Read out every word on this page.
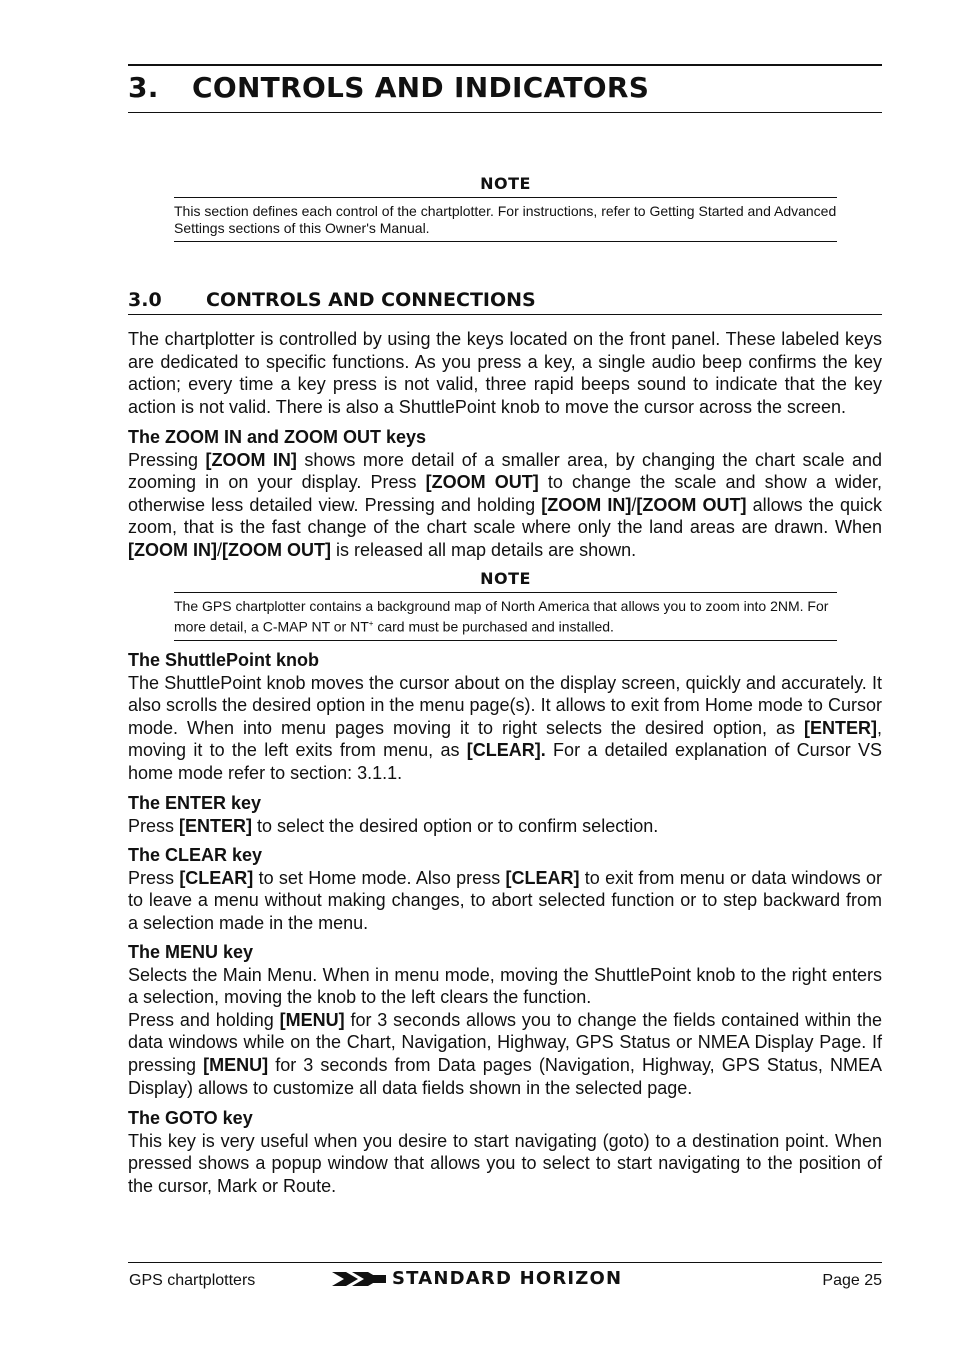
3. CONTROLS AND INDICATORS
NOTE
This section defines each control of the chartplotter. For instructions, refer to Getting Started and Advanced Settings sections of this Owner's Manual.
3.0 CONTROLS AND CONNECTIONS

The chartplotter is controlled by using the keys located on the front panel. These labeled keys are dedicated to specific functions. As you press a key, a single audio beep confirms the key action; every time a key press is not valid, three rapid beeps sound to indicate that the key action is not valid. There is also a ShuttlePoint knob to move the cursor across the screen.

The ZOOM IN and ZOOM OUT keys

Pressing [ZOOM IN] shows more detail of a smaller area, by changing the chart scale and zooming in on your display. Press [ZOOM OUT] to change the scale and show a wider, otherwise less detailed view. Pressing and holding [ZOOM IN]/[ZOOM OUT] allows the quick zoom, that is the fast change of the chart scale where only the land areas are drawn. When [ZOOM IN]/[ZOOM OUT] is released all map details are shown.

NOTE
The GPS chartplotter contains a background map of North America that allows you to zoom into 2NM. For more detail, a C-MAP NT or NT+ card must be purchased and installed.
The ShuttlePoint knob

The ShuttlePoint knob moves the cursor about on the display screen, quickly and accurately. It also scrolls the desired option in the menu page(s). It allows to exit from Home mode to Cursor mode. When into menu pages moving it to right selects the desired option, as [ENTER], moving it to the left exits from menu, as [CLEAR]. For a detailed explanation of Cursor VS home mode refer to section: 3.1.1.

The ENTER key

Press [ENTER] to select the desired option or to confirm selection.

The CLEAR key

Press [CLEAR] to set Home mode. Also press [CLEAR] to exit from menu or data windows or to leave a menu without making changes, to abort selected function or to step backward from a selection made in the menu.

The MENU key

Selects the Main Menu. When in menu mode, moving the ShuttlePoint knob to the right enters a selection, moving the knob to the left clears the function.

Press and holding [MENU] for 3 seconds allows you to change the fields contained within the data windows while on the Chart, Navigation, Highway, GPS Status or NMEA Display Page. If pressing [MENU] for 3 seconds from Data pages (Navigation, Highway, GPS Status, NMEA Display) allows to customize all data fields shown in the selected page.

The GOTO key

This key is very useful when you desire to start navigating (goto) to a destination point. When pressed shows a popup window that allows you to select to start navigating to the position of the cursor, Mark or Route.

GPS chartplotters	STANDARD HORIZON	Page 25
